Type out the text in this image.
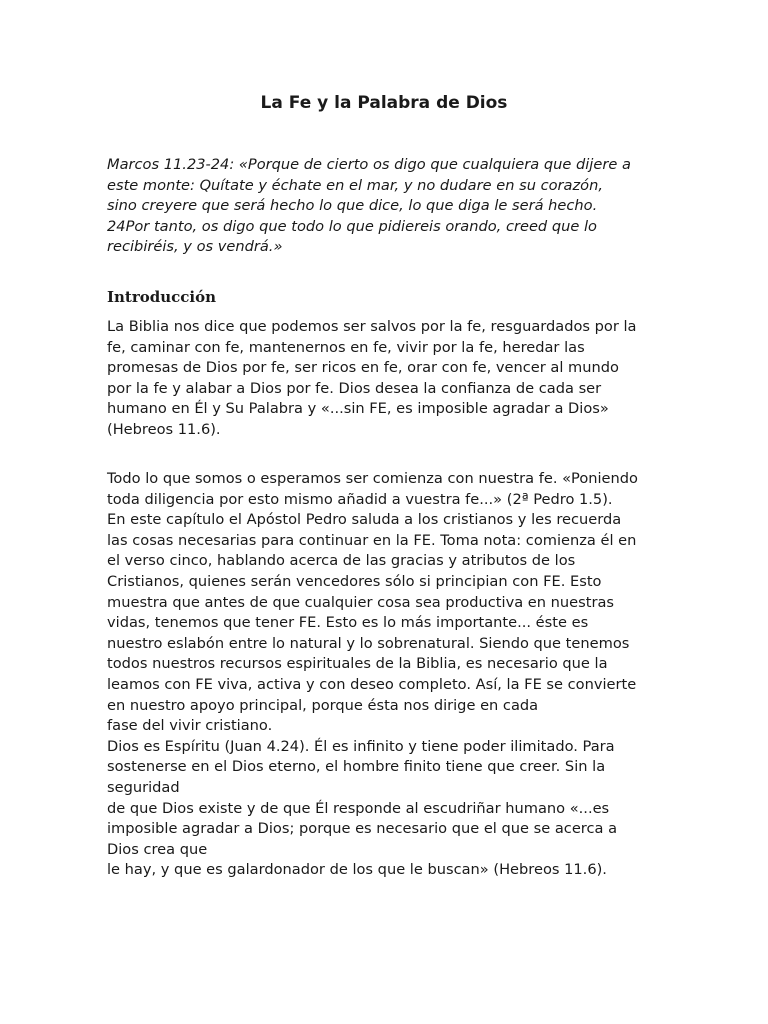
La Fe y la Palabra de Dios
Marcos 11.23-24: «Porque de cierto os digo que cualquiera que dijere a
este monte: Quítate y échate en el mar, y no dudare en su corazón,
sino creyere que será hecho lo que dice, lo que diga le será hecho.
24Por tanto, os digo que todo lo que pidiereis orando, creed que lo
recibiréis, y os vendrá.»
Introducción
La Biblia nos dice que podemos ser salvos por la fe, resguardados por la
fe, caminar con fe, mantenernos en fe, vivir por la fe, heredar las
promesas de Dios por fe, ser ricos en fe, orar con fe, vencer al mundo
por la fe y alabar a Dios por fe. Dios desea la confianza de cada ser
humano en Él y Su Palabra y «...sin FE, es imposible agradar a Dios»
(Hebreos 11.6).
Todo lo que somos o esperamos ser comienza con nuestra fe. «Poniendo
toda diligencia por esto mismo añadid a vuestra fe...» (2ª Pedro 1.5).
En este capítulo el Apóstol Pedro saluda a los cristianos y les recuerda
las cosas necesarias para continuar en la FE. Toma nota: comienza él en
el verso cinco, hablando acerca de las gracias y atributos de los
Cristianos, quienes serán vencedores sólo si principian con FE. Esto
muestra que antes de que cualquier cosa sea productiva en nuestras
vidas, tenemos que tener FE. Esto es lo más importante... éste es
nuestro eslabón entre lo natural y lo sobrenatural. Siendo que tenemos
todos nuestros recursos espirituales de la Biblia, es necesario que la
leamos con FE viva, activa y con deseo completo. Así, la FE se convierte
en nuestro apoyo principal, porque ésta nos dirige en cada
fase del vivir cristiano.
Dios es Espíritu (Juan 4.24). Él es infinito y tiene poder ilimitado. Para
sostenerse en el Dios eterno, el hombre finito tiene que creer. Sin la
seguridad
de que Dios existe y de que Él responde al escudriñar humano «...es
imposible agradar a Dios; porque es necesario que el que se acerca a
Dios crea que
le hay, y que es galardonador de los que le buscan» (Hebreos 11.6).
